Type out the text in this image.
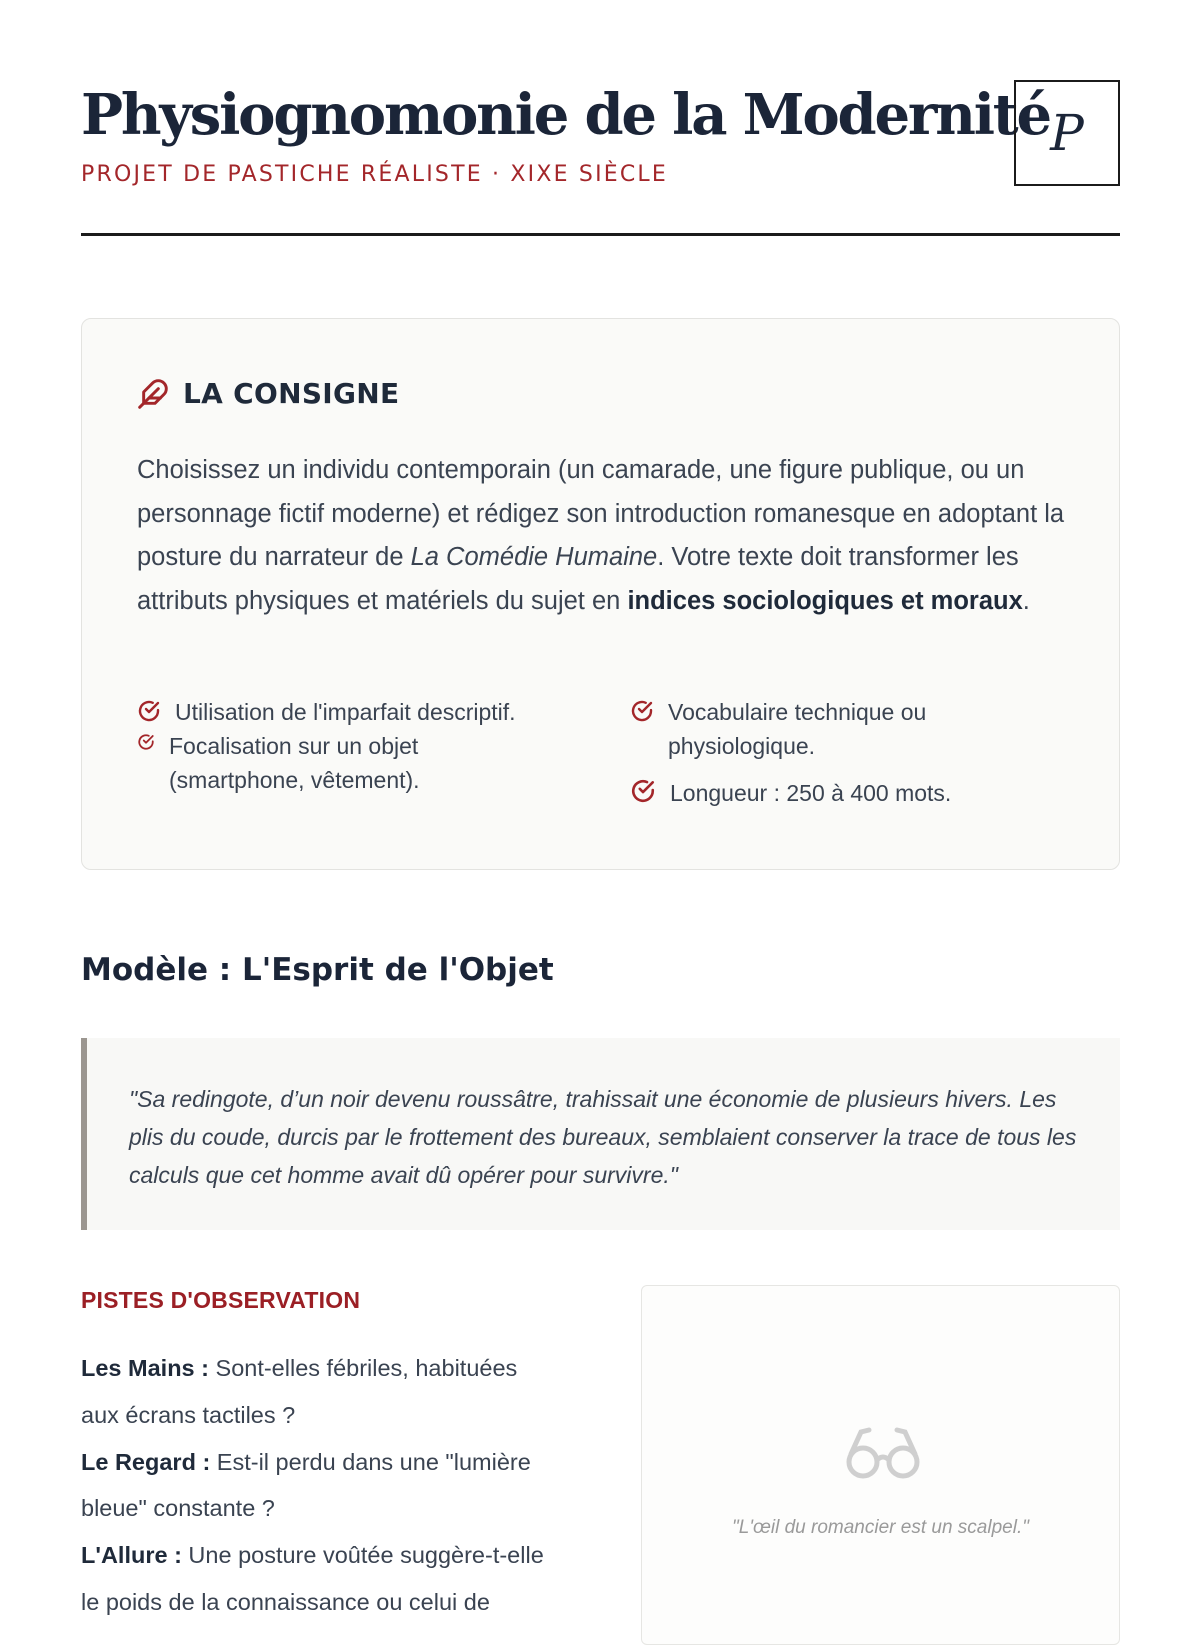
Physiognomonie de la Modernité
PROJET DE PASTICHE RÉALISTE · XIXE SIÈCLE
P
LA CONSIGNE

Choisissez un individu contemporain (un camarade, une figure publique, ou un personnage fictif moderne) et rédigez son introduction romanesque en adoptant la posture du narrateur de La Comédie Humaine. Votre texte doit transformer les attributs physiques et matériels du sujet en indices sociologiques et moraux.

Utilisation de l'imparfait descriptif.
Focalisation sur un objet (smartphone, vêtement).
Vocabulaire technique ou physiologique.
Longueur : 250 à 400 mots.
Modèle : L'Esprit de l'Objet

"Sa redingote, d’un noir devenu roussâtre, trahissait une économie de plusieurs hivers. Les plis du coude, durcis par le frottement des bureaux, semblaient conserver la trace de tous les calculs que cet homme avait dû opérer pour survivre."

PISTES D'OBSERVATION
Les Mains : Sont-elles fébriles, habituées aux écrans tactiles ?
Le Regard : Est-il perdu dans une "lumière bleue" constante ?
L'Allure : Une posture voûtée suggère-t-elle le poids de la connaissance ou celui de
"L'œil du romancier est un scalpel."
